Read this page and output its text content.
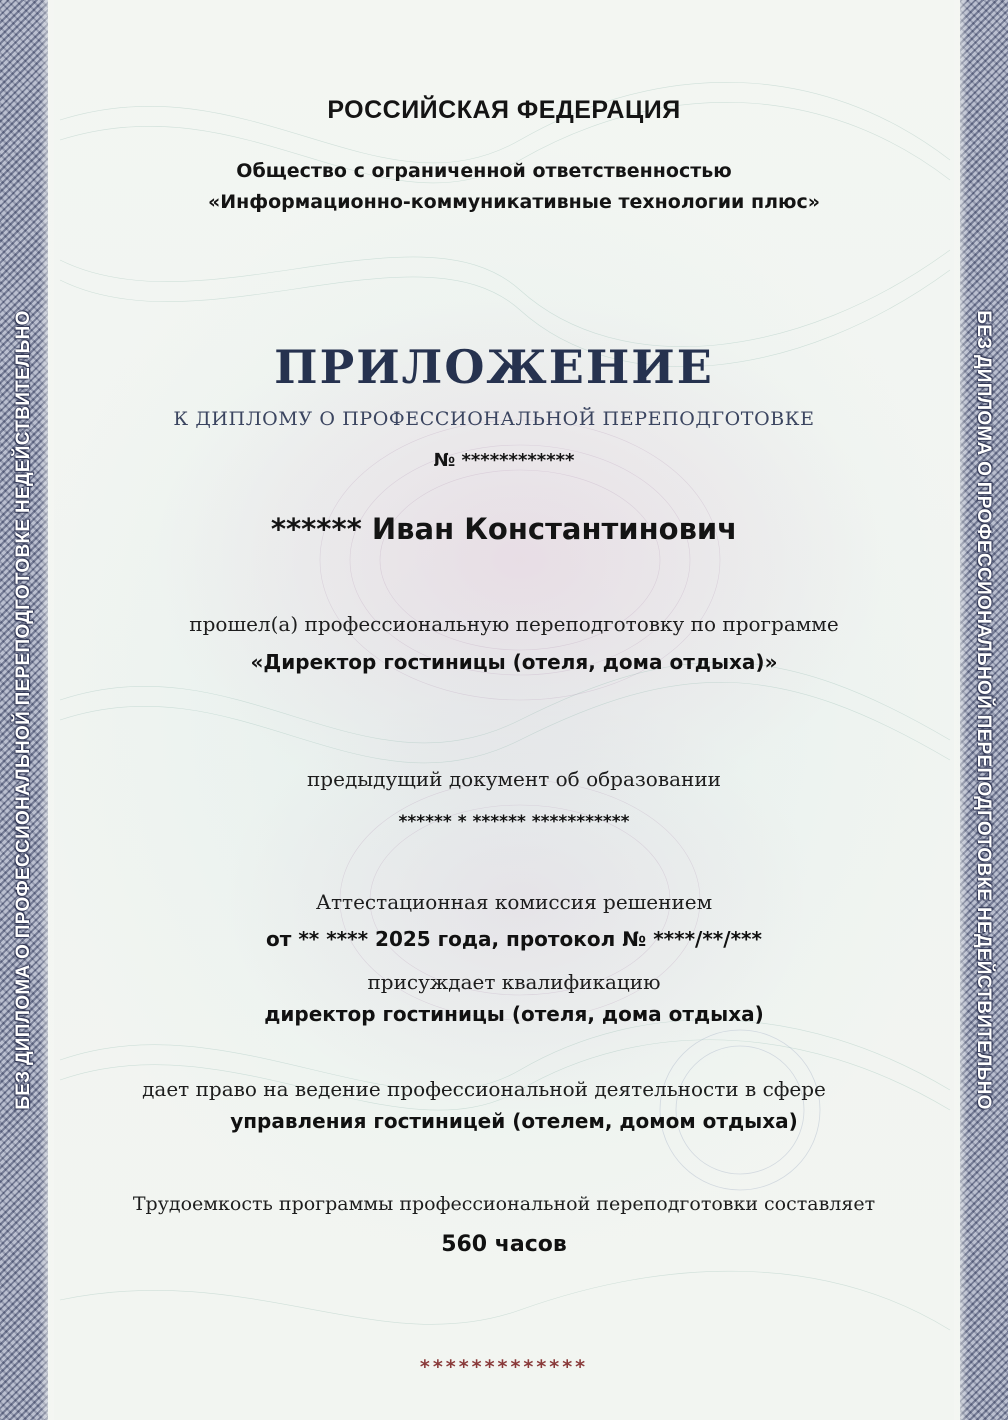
БЕЗ ДИПЛОМА О ПРОФЕССИОНАЛЬНОЙ ПЕРЕПОДГОТОВКЕ НЕДЕЙСТВИТЕЛЬНО	БЕЗ ДИПЛОМА О ПРОФЕССИОНАЛЬНОЙ ПЕРЕПОДГОТОВКЕ НЕДЕЙСТВИТЕЛЬНО
РОССИЙСКАЯ ФЕДЕРАЦИЯ
Общество с ограниченной ответственностью
«Информационно-коммуникативные технологии плюс»
ПРИЛОЖЕНИЕ
К ДИПЛОМУ О ПРОФЕССИОНАЛЬНОЙ ПЕРЕПОДГОТОВКЕ
№ ************
****** Иван Константинович
прошел(а) профессиональную переподготовку по программе
«Директор гостиницы (отеля, дома отдыха)»
предыдущий документ об образовании
****** * ****** ***********
Аттестационная комиссия решением
от ** **** 2025 года, протокол № ****/**/***
присуждает квалификацию
директор гостиницы (отеля, дома отдыха)
дает право на ведение профессиональной деятельности в сфере
управления гостиницей (отелем, домом отдыха)
Трудоемкость программы профессиональной переподготовки составляет
560 часов
*************
